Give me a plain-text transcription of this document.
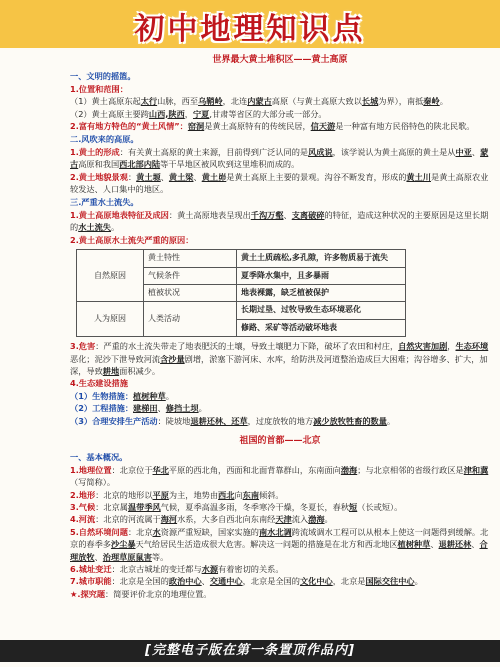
初中地理知识点
世界最大黄土堆积区——黄土高原
一、文明的摇篮。
1.位置和范围：

（1）黄土高原东起太行山脉，西至乌鞘岭，北连内蒙古高原（与黄土高原大致以长城为界），南抵秦岭。

（2）黄土高原主要跨山西,陕西，宁夏,甘肃等省区的大部分或一部分。

2.富有地方特色的“黄土风情”：窑洞是黄土高原特有的传统民居，信天游是一种富有地方民俗特色的陕北民歌。

二.风吹来的高原。

1.黄土的形成：有关黄土高原的黄土来源，目前得到广泛认同的是风成说，该学说认为黄土高原的黄土是从中亚、蒙古高原和我国西北部内陆等干旱地区被风吹到这里堆积而成的。

2.黄土地貌景观：黄土塬、黄土梁、黄土峁是黄土高原上主要的景观。沟谷不断发育，形成的黄土川是黄土高原农业较发达、人口集中的地区。

三.严重水土流失。

1.黄土高原地表特征及成因：黄土高原地表呈现出千沟万壑、支离破碎的特征，造成这种状况的主要原因是这里长期的水土流失。

2.黄土高原水土流失严重的原因：
自然原因	黄土特性	黄土土质疏松,多孔隙，许多物质易于流失
	气候条件	夏季降水集中，且多暴雨
	植被状况	地表裸露，缺乏植被保护
人为原因	人类活动	长期过垦、过牧导致生态环境恶化
		修路、采矿等活动破坏地表

3.危害：严重的水土流失带走了地表肥沃的土壤，导致土壤肥力下降，破坏了农田和村庄，自然灾害加剧，生态环境恶化；泥沙下泄导致河流含沙量剧增，淤塞下游河床、水库，给防洪及河道整治造成巨大困难；沟谷增多、扩大，加深，导致耕地面积减少。

4.生态建设措施

（1）生物措施：植树种草。

（2）工程措施：建梯田、修挡土坝。

（3）合理安排生产活动：陡坡地退耕还林、还草，过度放牧的地方减少放牧牲畜的数量。

祖国的首都——北京
一、基本概况。

1.地理位置：北京位于华北平原的西北角，西面和北面背靠群山，东南面向渤海；与北京相邻的省级行政区是津和冀（写简称）。

2.地形：北京的地形以平原为主，地势由西北向东南倾斜。

3.气候：北京属温带季风气候，夏季高温多雨，冬季寒冷干燥，冬夏长，春秋短（长或短）。

4.河流：北京的河流属于海河水系，大多自西北向东南经天津流入渤海。

5.自然环境问题：北京水资源严重短缺，国家实施的南水北调跨流域调水工程可以从根本上使这一问题得到缓解。北京的春季多沙尘暴天气给居民生活造成很大危害。解决这一问题的措施是在北方和西北地区植树种草、退耕还林、合理放牧、治理草原鼠害等。

6.城址变迁：北京古城址的变迁都与水源有着密切的关系。

7.城市职能：北京是全国的政治中心、交通中心，北京是全国的文化中心，北京是国际交往中心。

★.探究题：简要评价北京的地理位置。

[完整电子版在第一条置顶作品内]
